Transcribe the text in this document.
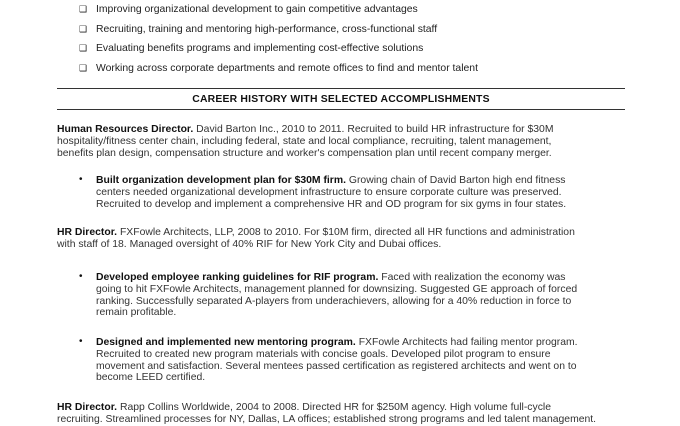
❑ Improving organizational development to gain competitive advantages
❑ Recruiting, training and mentoring high-performance, cross-functional staff
❑ Evaluating benefits programs and implementing cost-effective solutions
❑ Working across corporate departments and remote offices to find and mentor talent
CAREER HISTORY WITH SELECTED ACCOMPLISHMENTS
Human Resources Director. David Barton Inc., 2010 to 2011. Recruited to build HR infrastructure for $30M
hospitality/fitness center chain, including federal, state and local compliance, recruiting, talent management,
benefits plan design, compensation structure and worker's compensation plan until recent company merger.
• Built organization development plan for $30M firm. Growing chain of David Barton high end fitness
centers needed organizational development infrastructure to ensure corporate culture was preserved.
Recruited to develop and implement a comprehensive HR and OD program for six gyms in four states.
HR Director. FXFowle Architects, LLP, 2008 to 2010. For $10M firm, directed all HR functions and administration
with staff of 18. Managed oversight of 40% RIF for New York City and Dubai offices.
• Developed employee ranking guidelines for RIF program. Faced with realization the economy was
going to hit FXFowle Architects, management planned for downsizing. Suggested GE approach of forced
ranking. Successfully separated A-players from underachievers, allowing for a 40% reduction in force to
remain profitable.
• Designed and implemented new mentoring program. FXFowle Architects had failing mentor program.
Recruited to created new program materials with concise goals. Developed pilot program to ensure
movement and satisfaction. Several mentees passed certification as registered architects and went on to
become LEED certified.
HR Director. Rapp Collins Worldwide, 2004 to 2008. Directed HR for $250M agency. High volume full-cycle
recruiting. Streamlined processes for NY, Dallas, LA offices; established strong programs and led talent management.
